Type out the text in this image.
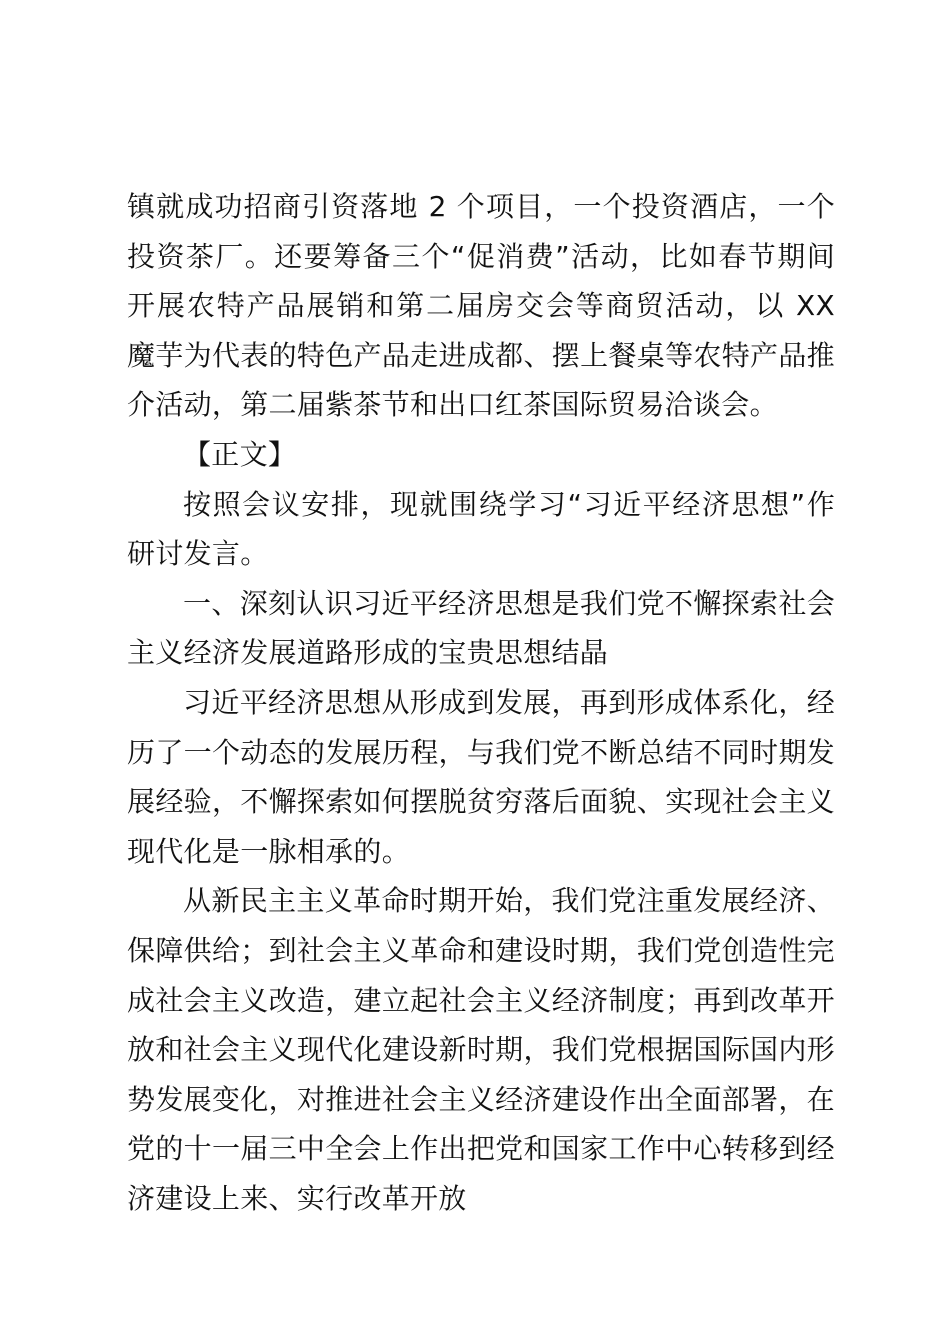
镇就成功招商引资落地 2 个项目，一个投资酒店，一个投资茶厂。还要筹备三个“促消费”活动，比如春节期间开展农特产品展销和第二届房交会等商贸活动，以 XX 魔芋为代表的特色产品走进成都、摆上餐桌等农特产品推介活动，第二届紫茶节和出口红茶国际贸易洽谈会。

【正文】

按照会议安排，现就围绕学习“习近平经济思想”作研讨发言。

一、深刻认识习近平经济思想是我们党不懈探索社会主义经济发展道路形成的宝贵思想结晶

习近平经济思想从形成到发展，再到形成体系化，经历了一个动态的发展历程，与我们党不断总结不同时期发展经验，不懈探索如何摆脱贫穷落后面貌、实现社会主义现代化是一脉相承的。

从新民主主义革命时期开始，我们党注重发展经济、保障供给；到社会主义革命和建设时期，我们党创造性完成社会主义改造，建立起社会主义经济制度；再到改革开放和社会主义现代化建设新时期，我们党根据国际国内形势发展变化，对推进社会主义经济建设作出全面部署，在党的十一届三中全会上作出把党和国家工作中心转移到经济建设上来、实行改革开放
